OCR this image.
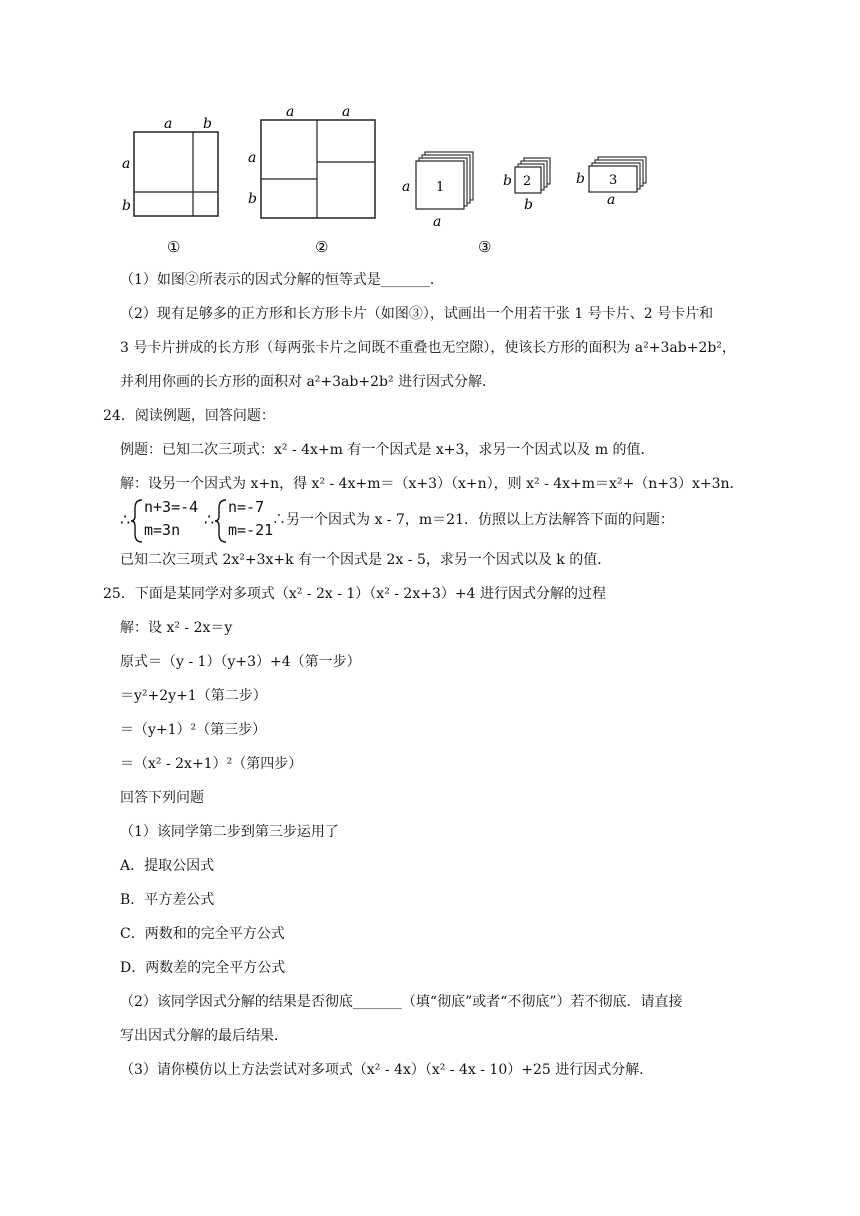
a b
a
b
①
a	a
a
b
②
1
a
a
2
b
b
3
b
a
③
（1）如图②所表示的因式分解的恒等式是_______．
（2）现有足够多的正方形和长方形卡片（如图③），试画出一个用若干张 1 号卡片、2 号卡片和
3 号卡片拼成的长方形（每两张卡片之间既不重叠也无空隙），使该长方形的面积为 a²+3ab+2b²，
并利用你画的长方形的面积对 a²+3ab+2b² 进行因式分解．
24．阅读例题，回答问题：
例题：已知二次三项式：x² - 4x+m 有一个因式是 x+3，求另一个因式以及 m 的值．
解：设另一个因式为 x+n，得 x² - 4x+m＝（x+3）（x+n），则 x² - 4x+m＝x²+（n+3）x+3n．
∴
n+3=-4
m=3n
∴
n=-7
m=-21
∴另一个因式为 x - 7，m＝21．仿照以上方法解答下面的问题：
已知二次三项式 2x²+3x+k 有一个因式是 2x - 5，求另一个因式以及 k 的值．
25．下面是某同学对多项式（x² - 2x - 1）（x² - 2x+3）+4 进行因式分解的过程
解：设 x² - 2x＝y
原式＝（y - 1）（y+3）+4（第一步）
＝y²+2y+1（第二步）
＝（y+1）²（第三步）
＝（x² - 2x+1）²（第四步）
回答下列问题
（1）该同学第二步到第三步运用了
A．提取公因式
B．平方差公式
C．两数和的完全平方公式
D．两数差的完全平方公式
（2）该同学因式分解的结果是否彻底_______（填“彻底”或者“不彻底”）若不彻底．请直接
写出因式分解的最后结果．
（3）请你模仿以上方法尝试对多项式（x² - 4x）（x² - 4x - 10）+25 进行因式分解．
